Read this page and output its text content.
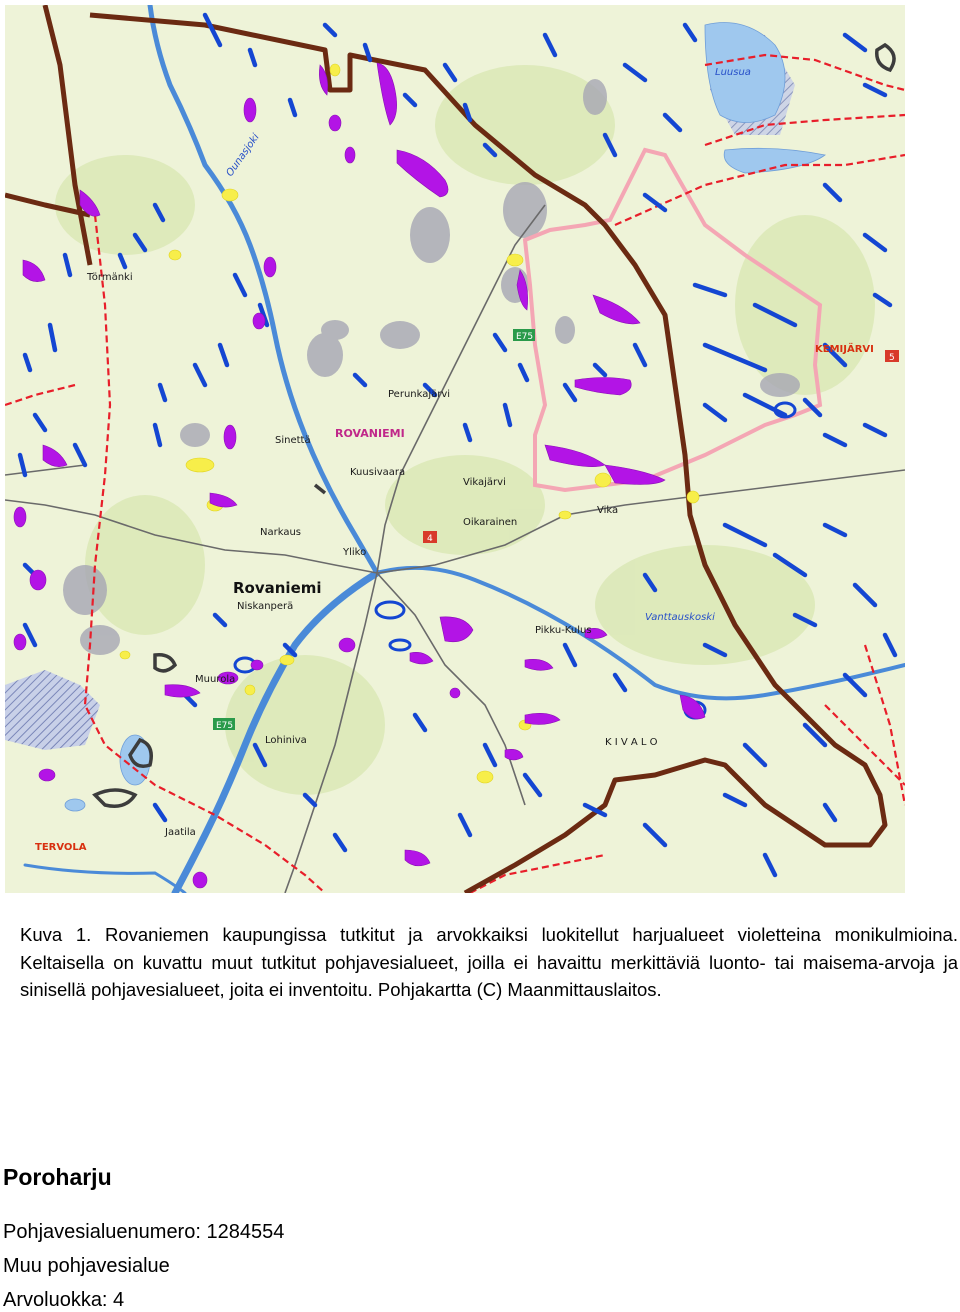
Rovaniemi
Niskanperä
ROVANIEMI
KEMIJÄRVI
TERVOLA
Yliko
Törmänki
Ounasjoki
Sinettä
Perunkajärvi
Vikajärvi
Vanttauskoski
Muurola
Narkaus
Pikku-Kulus
Jaatila
Kuusivaara
Luusua
Lohiniva
Vika
Oikarainen
K I V A L O
E75
E75
4
5
Kuva 1. Rovaniemen kaupungissa tutkitut ja arvokkaiksi luokitellut harjualueet violetteina monikulmioina. Keltaisella on kuvattu muut tutkitut pohjavesialueet, joilla ei havaittu merkittäviä luonto- tai maisema-arvoja ja sinisellä pohjavesialueet, joita ei inventoitu. Pohjakartta (C) Maanmittauslaitos.
Poroharju
Pohjavesialuenumero: 1284554
Muu pohjavesialue
Arvoluokka: 4
